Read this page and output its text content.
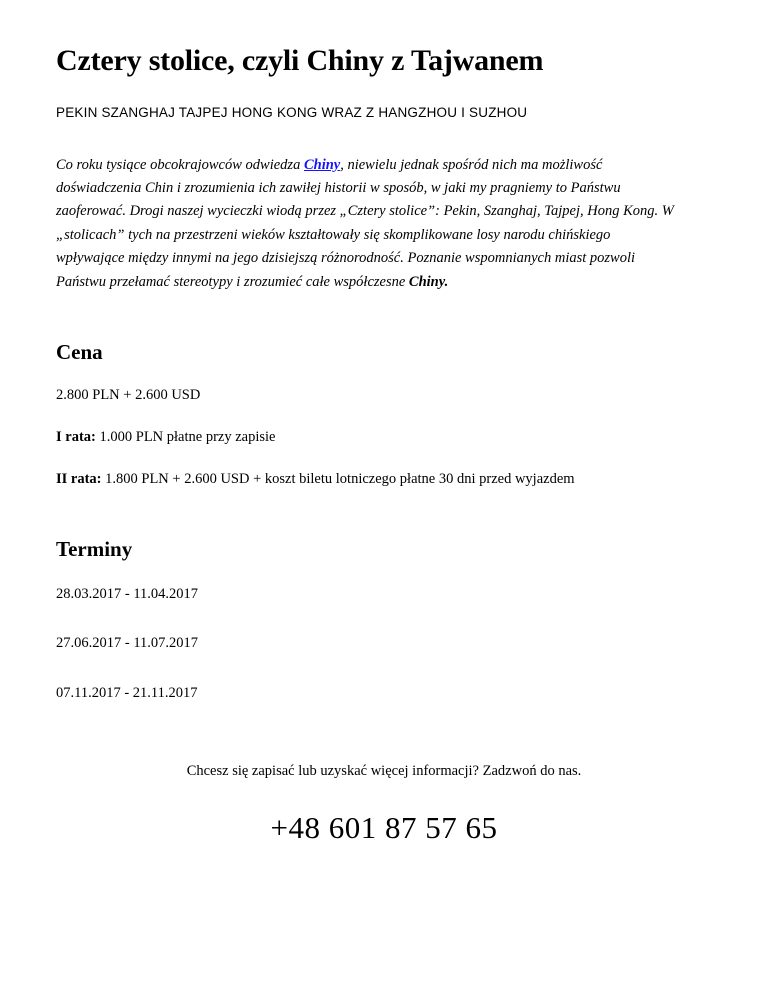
Cztery stolice, czyli Chiny z Tajwanem
PEKIN SZANGHAJ TAJPEJ HONG KONG WRAZ Z HANGZHOU I SUZHOU

Co roku tysiące obcokrajowców odwiedza Chiny, niewielu jednak spośród nich ma możliwość doświadczenia Chin i zrozumienia ich zawiłej historii w sposób, w jaki my pragniemy to Państwu zaoferować. Drogi naszej wycieczki wiodą przez „Cztery stolice”: Pekin, Szanghaj, Tajpej, Hong Kong. W „stolicach” tych na przestrzeni wieków kształtowały się skomplikowane losy narodu chińskiego wpływające między innymi na jego dzisiejszą różnorodność. Poznanie wspomnianych miast pozwoli Państwu przełamać stereotypy i zrozumieć całe współczesne Chiny.

Cena

2.800 PLN + 2.600 USD

I rata: 1.000 PLN płatne przy zapisie

II rata: 1.800 PLN + 2.600 USD + koszt biletu lotniczego płatne 30 dni przed wyjazdem

Terminy

28.03.2017 - 11.04.2017

27.06.2017 - 11.07.2017

07.11.2017 - 21.11.2017

Chcesz się zapisać lub uzyskać więcej informacji? Zadzwoń do nas.

+48 601 87 57 65
